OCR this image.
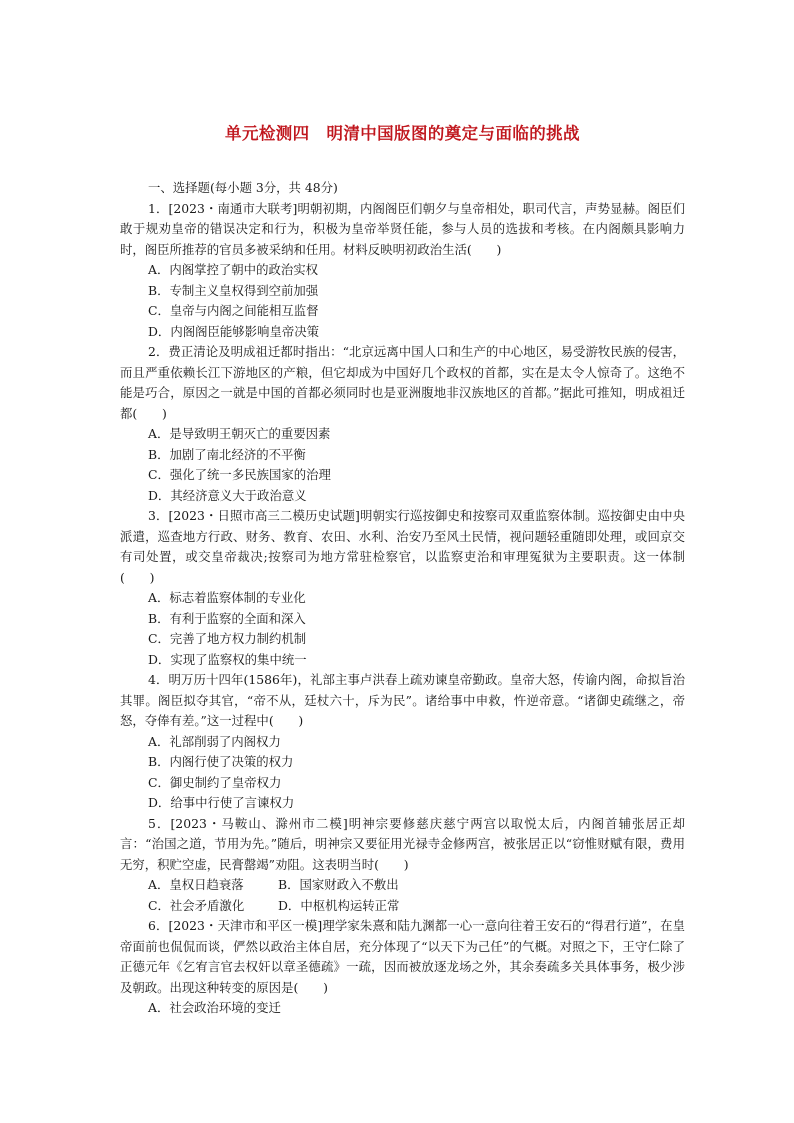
单元检测四　明清中国版图的奠定与面临的挑战
一、选择题(每小题 3分，共 48分)

1．[2023・南通市大联考]明朝初期，内阁阁臣们朝夕与皇帝相处，职司代言，声势显赫。阁臣们敢于规劝皇帝的错误决定和行为，积极为皇帝举贤任能，参与人员的选拔和考核。在内阁颇具影响力时，阁臣所推荐的官员多被采纳和任用。材料反映明初政治生活(　　)

A．内阁掌控了朝中的政治实权
B．专制主义皇权得到空前加强
C．皇帝与内阁之间能相互监督
D．内阁阁臣能够影响皇帝决策

2．费正清论及明成祖迁都时指出：“北京远离中国人口和生产的中心地区，易受游牧民族的侵害，而且严重依赖长江下游地区的产粮，但它却成为中国好几个政权的首都，实在是太令人惊奇了。这绝不能是巧合，原因之一就是中国的首都必须同时也是亚洲腹地非汉族地区的首都。”据此可推知，明成祖迁都(　　)

A．是导致明王朝灭亡的重要因素
B．加剧了南北经济的不平衡
C．强化了统一多民族国家的治理
D．其经济意义大于政治意义

3．[2023・日照市高三二模历史试题]明朝实行巡按御史和按察司双重监察体制。巡按御史由中央派遣，巡查地方行政、财务、教育、农田、水利、治安乃至风土民情，视问题轻重随即处理，或回京交有司处置，或交皇帝裁决;按察司为地方常驻检察官，以监察吏治和审理冤狱为主要职责。这一体制(　　)

A．标志着监察体制的专业化
B．有利于监察的全面和深入
C．完善了地方权力制约机制
D．实现了监察权的集中统一

4．明万历十四年(1586年)，礼部主事卢洪春上疏劝谏皇帝勤政。皇帝大怒，传谕内阁，命拟旨治其罪。阁臣拟夺其官，“帝不从，廷杖六十，斥为民”。诸给事中申救，忤逆帝意。“诸御史疏继之，帝怒，夺俸有差。”这一过程中(　　)

A．礼部削弱了内阁权力
B．内阁行使了决策的权力
C．御史制约了皇帝权力
D．给事中行使了言谏权力

5．[2023・马鞍山、滁州市二模]明神宗要修慈庆慈宁两宫以取悦太后，内阁首辅张居正却言：“治国之道，节用为先。”随后，明神宗又要征用光禄寺金修两宫，被张居正以“窃惟财赋有限，费用无穷，积贮空虚，民膏罄竭”劝阻。这表明当时(　　)

A．皇权日趋衰落	B．国家财政入不敷出
C．社会矛盾激化	D．中枢机构运转正常

6．[2023・天津市和平区一模]理学家朱熹和陆九渊都一心一意向往着王安石的“得君行道”，在皇帝面前也侃侃而谈，俨然以政治主体自居，充分体现了“以天下为己任”的气概。对照之下，王守仁除了正德元年《乞宥言官去权奸以章圣德疏》一疏，因而被放逐龙场之外，其余奏疏多关具体事务，极少涉及朝政。出现这种转变的原因是(　　)

A．社会政治环境的变迁
